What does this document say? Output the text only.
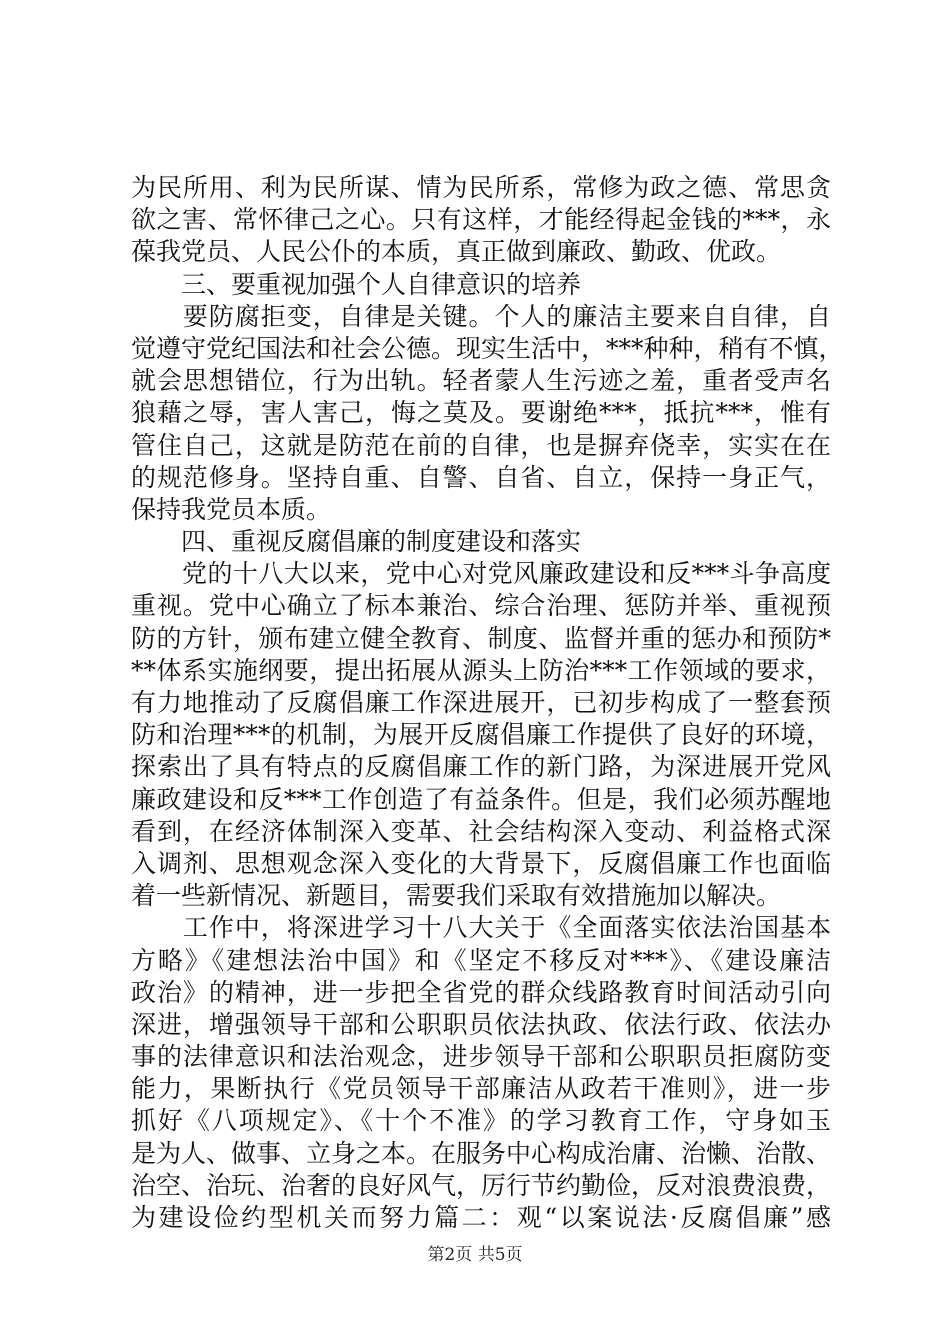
为民所用、利为民所谋、情为民所系，常修为政之德、常思贪
欲之害、常怀律己之心。只有这样，才能经得起金钱的***，永
葆我党员、人民公仆的本质，真正做到廉政、勤政、优政。
　　三、要重视加强个人自律意识的培养
　　要防腐拒变，自律是关键。个人的廉洁主要来自自律，自
觉遵守党纪国法和社会公德。现实生活中，***种种，稍有不慎，
就会思想错位，行为出轨。轻者蒙人生污迹之羞，重者受声名
狼藉之辱，害人害己，悔之莫及。要谢绝***，抵抗***，惟有
管住自己，这就是防范在前的自律，也是摒弃侥幸，实实在在
的规范修身。坚持自重、自警、自省、自立，保持一身正气，
保持我党员本质。
　　四、重视反腐倡廉的制度建设和落实
　　党的十八大以来，党中心对党风廉政建设和反***斗争高度
重视。党中心确立了标本兼治、综合治理、惩防并举、重视预
防的方针，颁布建立健全教育、制度、监督并重的惩办和预防*
**体系实施纲要，提出拓展从源头上防治***工作领域的要求，
有力地推动了反腐倡廉工作深进展开，已初步构成了一整套预
防和治理***的机制，为展开反腐倡廉工作提供了良好的环境，
探索出了具有特点的反腐倡廉工作的新门路，为深进展开党风
廉政建设和反***工作创造了有益条件。但是，我们必须苏醒地
看到，在经济体制深入变革、社会结构深入变动、利益格式深
入调剂、思想观念深入变化的大背景下，反腐倡廉工作也面临
着一些新情况、新题目，需要我们采取有效措施加以解决。
　　工作中，将深进学习十八大关于《全面落实依法治国基本
方略》《建想法治中国》和《坚定不移反对***》、《建设廉洁
政治》的精神，进一步把全省党的群众线路教育时间活动引向
深进，增强领导干部和公职职员依法执政、依法行政、依法办
事的法律意识和法治观念，进步领导干部和公职职员拒腐防变
能力，果断执行《党员领导干部廉洁从政若干准则》，进一步
抓好《八项规定》、《十个不准》的学习教育工作，守身如玉
是为人、做事、立身之本。在服务中心构成治庸、治懒、治散、
治空、治玩、治奢的良好风气，厉行节约勤俭，反对浪费浪费，
为建设俭约型机关而努力篇二：观“以案说法·反腐倡廉”感
第2页 共5页
